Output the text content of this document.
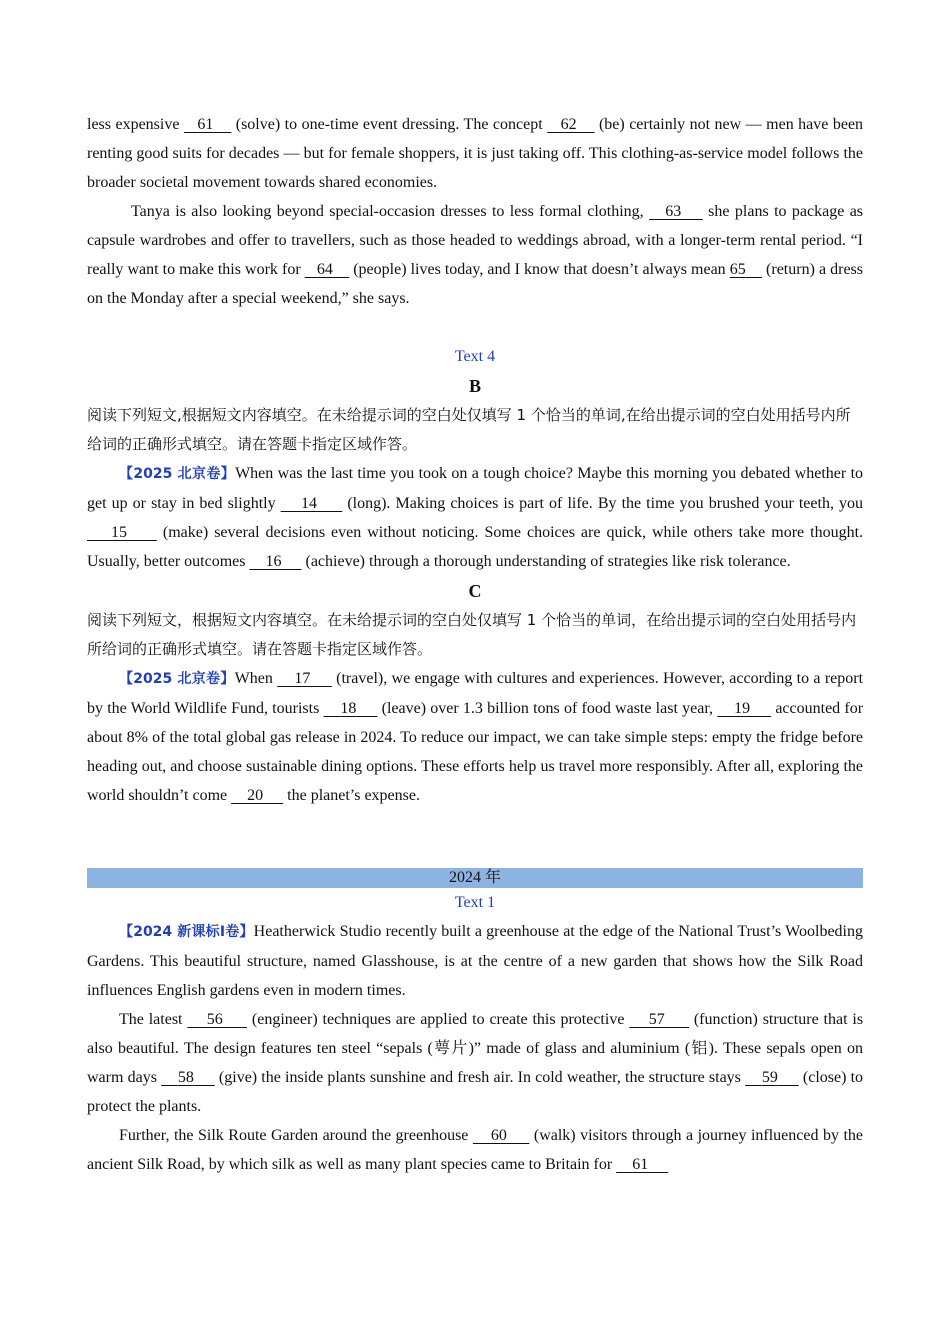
less expensive    61     (solve) to one-time event dressing. The concept    62     (be) certainly not new — men have been renting good suits for decades — but for female shoppers, it is just taking off. This clothing-as-service model follows the broader societal movement towards shared economies.

Tanya is also looking beyond special-occasion dresses to less formal clothing,    63     she plans to package as capsule wardrobes and offer to travellers, such as those headed to weddings abroad, with a longer-term rental period. “I really want to make this work for    64     (people) lives today, and I know that doesn’t always mean 65     (return) a dress on the Monday after a special weekend,” she says.

Text 4

B

阅读下列短文,根据短文内容填空。在未给提示词的空白处仅填写 1 个恰当的单词,在给出提示词的空白处用括号内所给词的正确形式填空。请在答题卡指定区域作答。

【2025 北京卷】When was the last time you took on a tough choice? Maybe this morning you debated whether to get up or stay in bed slightly     14      (long). Making choices is part of life. By the time you brushed your teeth, you     15      (make) several decisions even without noticing. Some choices are quick, while others take more thought. Usually, better outcomes     16      (achieve) through a thorough understanding of strategies like risk tolerance.

C

阅读下列短文，根据短文内容填空。在未给提示词的空白处仅填写 1 个恰当的单词，在给出提示词的空白处用括号内所给词的正确形式填空。请在答题卡指定区域作答。

【2025 北京卷】When     17      (travel), we engage with cultures and experiences. However, according to a report by the World Wildlife Fund, tourists     18      (leave) over 1.3 billion tons of food waste last year,     19      accounted for about 8% of the total global gas release in 2024. To reduce our impact, we can take simple steps: empty the fridge before heading out, and choose sustainable dining options. These efforts help us travel more responsibly. After all, exploring the world shouldn’t come     20      the planet’s expense.

2024 年

Text 1

【2024 新课标Ⅰ卷】Heatherwick Studio recently built a greenhouse at the edge of the National Trust’s Woolbeding Gardens. This beautiful structure, named Glasshouse, is at the centre of a new garden that shows how the Silk Road influences English gardens even in modern times.

The latest     56      (engineer) techniques are applied to create this protective     57      (function) structure that is also beautiful. The design features ten steel “sepals (萼片)” made of glass and aluminium (铝). These sepals open on warm days     58      (give) the inside plants sunshine and fresh air. In cold weather, the structure stays     59      (close) to protect the plants.

Further, the Silk Route Garden around the greenhouse     60      (walk) visitors through a journey influenced by the ancient Silk Road, by which silk as well as many plant species came to Britain for     61
